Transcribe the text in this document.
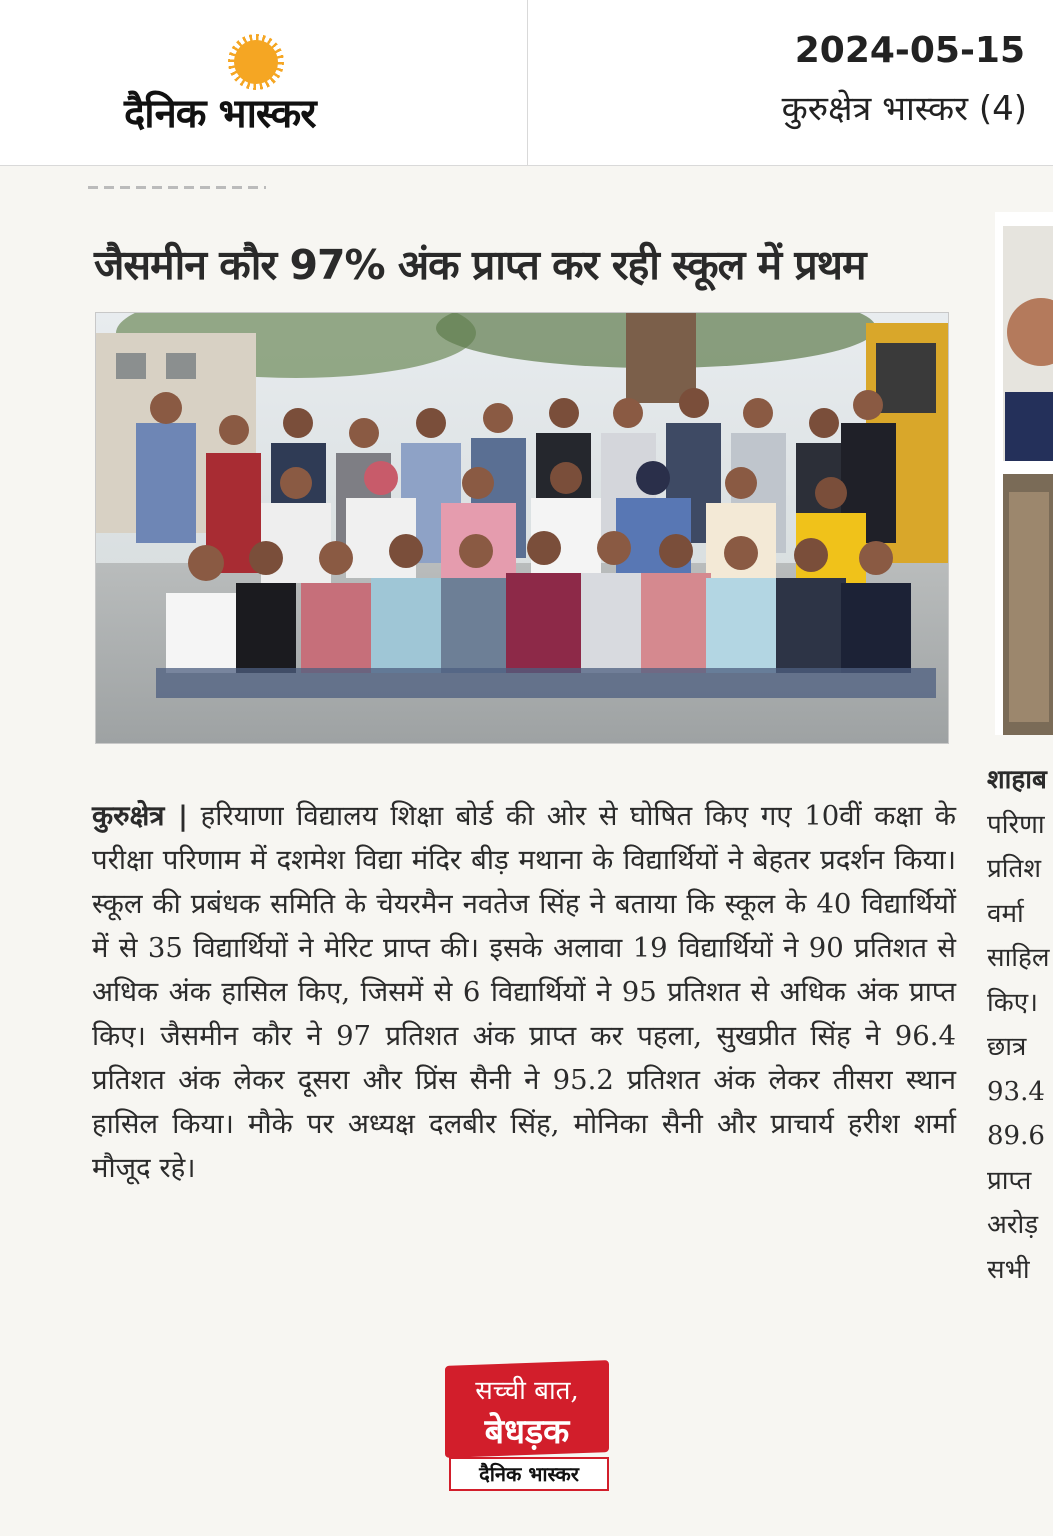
दैनिक भास्कर
2024-05-15
कुरुक्षेत्र भास्कर (4)
जैसमीन कौर 97% अंक प्राप्त कर रही स्कूल में प्रथम
कुरुक्षेत्र | हरियाणा विद्यालय शिक्षा बोर्ड की ओर से घोषित किए गए 10वीं कक्षा के परीक्षा परिणाम में दशमेश विद्या मंदिर बीड़ मथाना के विद्यार्थियों ने बेहतर प्रदर्शन किया। स्कूल की प्रबंधक समिति के चेयरमैन नवतेज सिंह ने बताया कि स्कूल के 40 विद्यार्थियों में से 35 विद्यार्थियों ने मेरिट प्राप्त की। इसके अलावा 19 विद्यार्थियों ने 90 प्रतिशत से अधिक अंक हासिल किए, जिसमें से 6 विद्यार्थियों ने 95 प्रतिशत से अधिक अंक प्राप्त किए। जैसमीन कौर ने 97 प्रतिशत अंक प्राप्त कर पहला, सुखप्रीत सिंह ने 96.4 प्रतिशत अंक लेकर दूसरा और प्रिंस सैनी ने 95.2 प्रतिशत अंक लेकर तीसरा स्थान हासिल किया। मौके पर अध्यक्ष दलबीर सिंह, मोनिका सैनी और प्राचार्य हरीश शर्मा मौजूद रहे।
शाहाब
परिणा
प्रतिश
वर्मा
साहिल
किए।
छात्र
93.4
89.6
प्राप्त
अरोड़
सभी
सच्ची बात,
बेधड़क
दैनिक भास्कर
